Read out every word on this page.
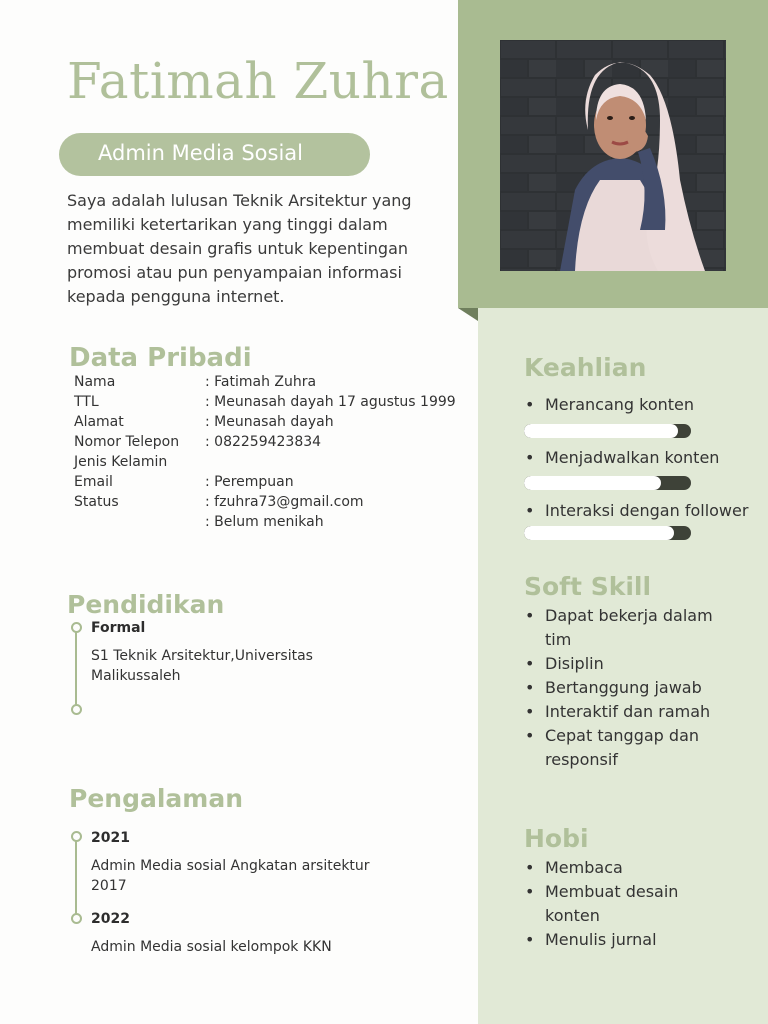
Fatimah Zuhra
Admin Media Sosial

Saya adalah lulusan Teknik Arsitektur yang memiliki ketertarikan yang tinggi dalam membuat desain grafis untuk kepentingan promosi atau pun penyampaian informasi kepada pengguna internet.

Data Pribadi
Nama
TTL
Alamat
Nomor Telepon
Jenis Kelamin
Email
Status
: Fatimah Zuhra
: Meunasah dayah 17 agustus 1999
: Meunasah dayah
: 082259423834
: Perempuan
: fzuhra73@gmail.com
: Belum menikah
Pendidikan
Formal

S1 Teknik Arsitektur,Universitas Malikussaleh

Pengalaman
2021

Admin Media sosial Angkatan arsitektur 2017

2022

Admin Media sosial kelompok KKN

Keahlian
• Merancang konten
• Menjadwalkan konten
• Interaksi dengan follower
Soft Skill
• Dapat bekerja dalam tim
• Disiplin
• Bertanggung jawab
• Interaktif dan ramah
• Cepat tanggap dan responsif
Hobi
• Membaca
• Membuat desain konten
• Menulis jurnal
